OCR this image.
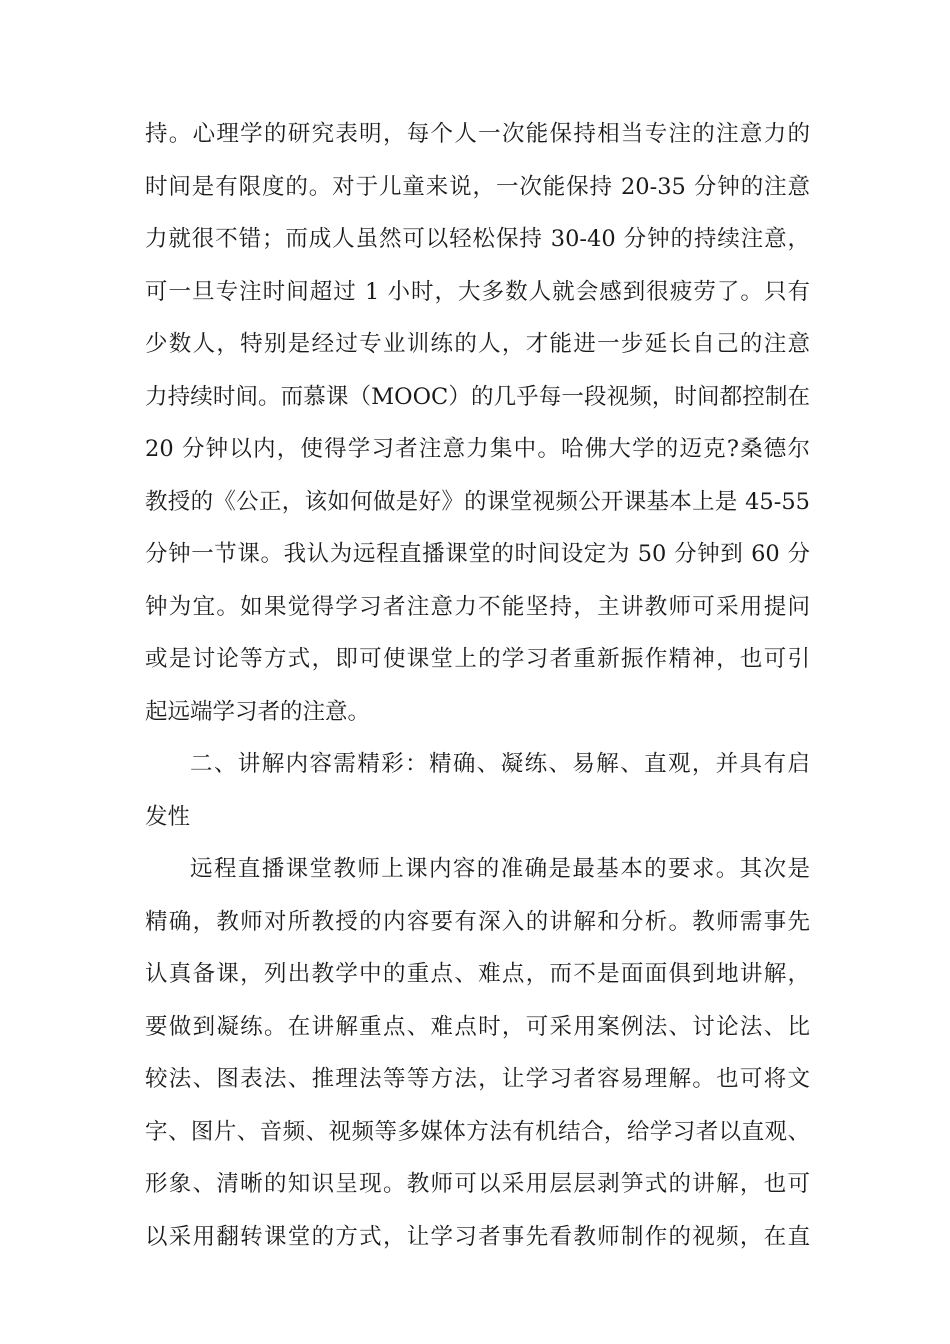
持。心理学的研究表明，每个人一次能保持相当专注的注意力的
时间是有限度的。对于儿童来说，一次能保持 20-35 分钟的注意
力就很不错；而成人虽然可以轻松保持 30-40 分钟的持续注意，
可一旦专注时间超过 1 小时，大多数人就会感到很疲劳了。只有
少数人，特别是经过专业训练的人，才能进一步延长自己的注意
力持续时间。而慕课（MOOC）的几乎每一段视频，时间都控制在
20 分钟以内，使得学习者注意力集中。哈佛大学的迈克?桑德尔
教授的《公正，该如何做是好》的课堂视频公开课基本上是 45-55
分钟一节课。我认为远程直播课堂的时间设定为 50 分钟到 60 分
钟为宜。如果觉得学习者注意力不能坚持，主讲教师可采用提问
或是讨论等方式，即可使课堂上的学习者重新振作精神，也可引
起远端学习者的注意。
二、讲解内容需精彩：精确、凝练、易解、直观，并具有启
发性
远程直播课堂教师上课内容的准确是最基本的要求。其次是
精确，教师对所教授的内容要有深入的讲解和分析。教师需事先
认真备课，列出教学中的重点、难点，而不是面面俱到地讲解，
要做到凝练。在讲解重点、难点时，可采用案例法、讨论法、比
较法、图表法、推理法等等方法，让学习者容易理解。也可将文
字、图片、音频、视频等多媒体方法有机结合，给学习者以直观、
形象、清晰的知识呈现。教师可以采用层层剥笋式的讲解，也可
以采用翻转课堂的方式，让学习者事先看教师制作的视频，在直
